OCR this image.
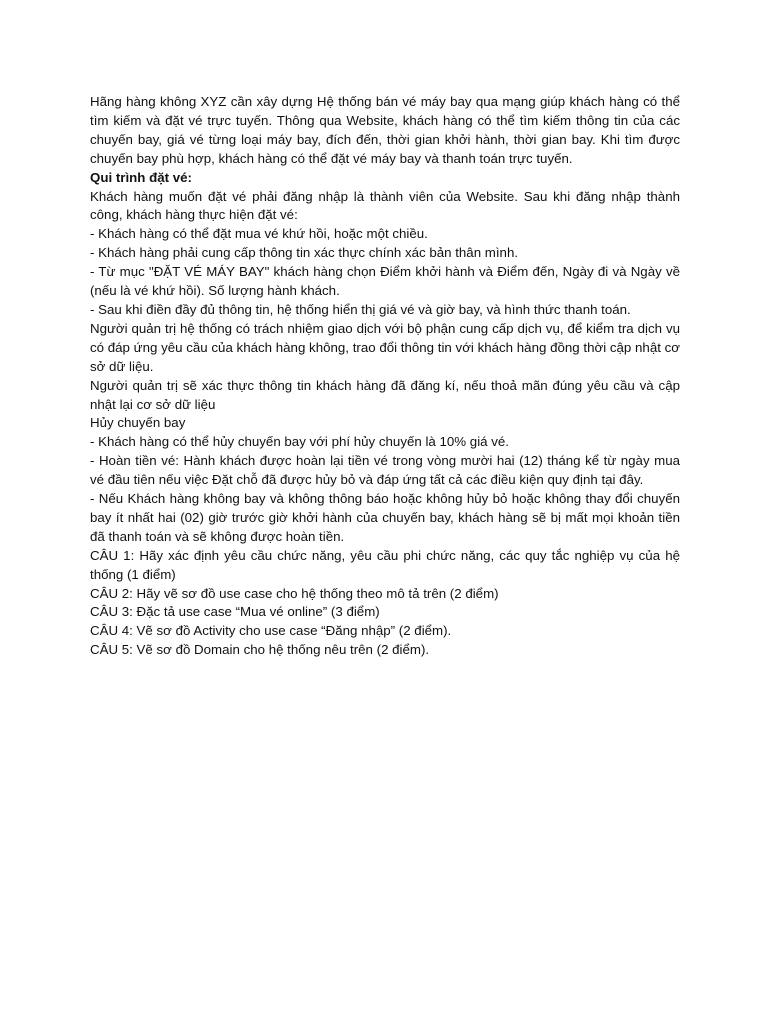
Hãng hàng không XYZ cần xây dựng Hệ thống bán vé máy bay qua mạng giúp khách hàng có thể tìm kiếm và đặt vé trực tuyến. Thông qua Website, khách hàng có thể tìm kiếm thông tin của các chuyến bay, giá vé từng loại máy bay, đích đến, thời gian khởi hành, thời gian bay. Khi tìm được chuyến bay phù hợp, khách hàng có thể đặt vé máy bay và thanh toán trực tuyến.

Qui trình đặt vé:

Khách hàng muốn đặt vé phải đăng nhập là thành viên của Website. Sau khi đăng nhập thành công, khách hàng thực hiện đặt vé:

- Khách hàng có thể đặt mua vé khứ hồi, hoặc một chiều.

- Khách hàng phải cung cấp thông tin xác thực chính xác bản thân mình.

- Từ mục "ĐẶT VÉ MÁY BAY" khách hàng chọn Điểm khởi hành và Điểm đến, Ngày đi và Ngày về (nếu là vé khứ hồi). Số lượng hành khách.

- Sau khi điền đầy đủ thông tin, hệ thống hiển thị giá vé và giờ bay, và hình thức thanh toán.

Người quản trị hệ thống có trách nhiệm giao dịch với bộ phận cung cấp dịch vụ, để kiểm tra dịch vụ có đáp ứng yêu cầu của khách hàng không, trao đổi thông tin với khách hàng đồng thời cập nhật cơ sở dữ liệu.

Người quản trị sẽ xác thực thông tin khách hàng đã đăng kí, nếu thoả mãn đúng yêu cầu và cập nhật lại cơ sở dữ liệu

Hủy chuyến bay

- Khách hàng có thể hủy chuyến bay với phí hủy chuyến là 10% giá vé.

- Hoàn tiền vé: Hành khách được hoàn lại tiền vé trong vòng mười hai (12) tháng kể từ ngày mua vé đầu tiên nếu việc Đặt chỗ đã được hủy bỏ và đáp ứng tất cả các điều kiện quy định tại đây.

- Nếu Khách hàng không bay và không thông báo hoặc không hủy bỏ hoặc không thay đổi chuyến bay ít nhất hai (02) giờ trước giờ khởi hành của chuyến bay, khách hàng sẽ bị mất mọi khoản tiền đã thanh toán và sẽ không được hoàn tiền.

CÂU 1: Hãy xác định yêu cầu chức năng, yêu cầu phi chức năng, các quy tắc nghiệp vụ của hệ thống (1 điểm)

CÂU 2: Hãy vẽ sơ đồ use case cho hệ thống theo mô tả trên (2 điểm)

CÂU 3: Đặc tả use case “Mua vé online” (3 điểm)

CÂU 4: Vẽ sơ đồ Activity cho use case “Đăng nhập” (2 điểm).

CÂU 5: Vẽ sơ đồ Domain cho hệ thống nêu trên (2 điểm).
